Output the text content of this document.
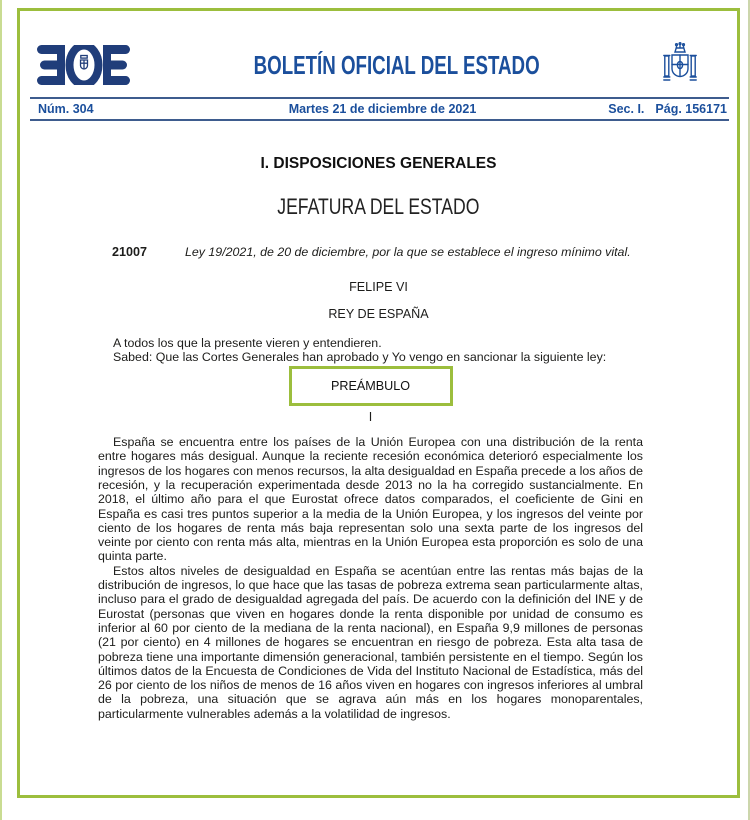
BOLETÍN OFICIAL DEL ESTADO
Núm. 304	Martes 21 de diciembre de 2021	Sec. I. Pág. 156171
I. DISPOSICIONES GENERALES
JEFATURA DEL ESTADO
21007	Ley 19/2021, de 20 de diciembre, por la que se establece el ingreso mínimo vital.
FELIPE VI
REY DE ESPAÑA

A todos los que la presente vieren y entendieren.

Sabed: Que las Cortes Generales han aprobado y Yo vengo en sancionar la siguiente ley:

PREÁMBULO
I

España se encuentra entre los países de la Unión Europea con una distribución de la renta entre hogares más desigual. Aunque la reciente recesión económica deterioró especialmente los ingresos de los hogares con menos recursos, la alta desigualdad en España precede a los años de recesión, y la recuperación experimentada desde 2013 no la ha corregido sustancialmente. En 2018, el último año para el que Eurostat ofrece datos comparados, el coeficiente de Gini en España es casi tres puntos superior a la media de la Unión Europea, y los ingresos del veinte por ciento de los hogares de renta más baja representan solo una sexta parte de los ingresos del veinte por ciento con renta más alta, mientras en la Unión Europea esta proporción es solo de una quinta parte.

Estos altos niveles de desigualdad en España se acentúan entre las rentas más bajas de la distribución de ingresos, lo que hace que las tasas de pobreza extrema sean particularmente altas, incluso para el grado de desigualdad agregada del país. De acuerdo con la definición del INE y de Eurostat (personas que viven en hogares donde la renta disponible por unidad de consumo es inferior al 60 por ciento de la mediana de la renta nacional), en España 9,9 millones de personas (21 por ciento) en 4 millones de hogares se encuentran en riesgo de pobreza. Esta alta tasa de pobreza tiene una importante dimensión generacional, también persistente en el tiempo. Según los últimos datos de la Encuesta de Condiciones de Vida del Instituto Nacional de Estadística, más del 26 por ciento de los niños de menos de 16 años viven en hogares con ingresos inferiores al umbral de la pobreza, una situación que se agrava aún más en los hogares monoparentales, particularmente vulnerables además a la volatilidad de ingresos.
